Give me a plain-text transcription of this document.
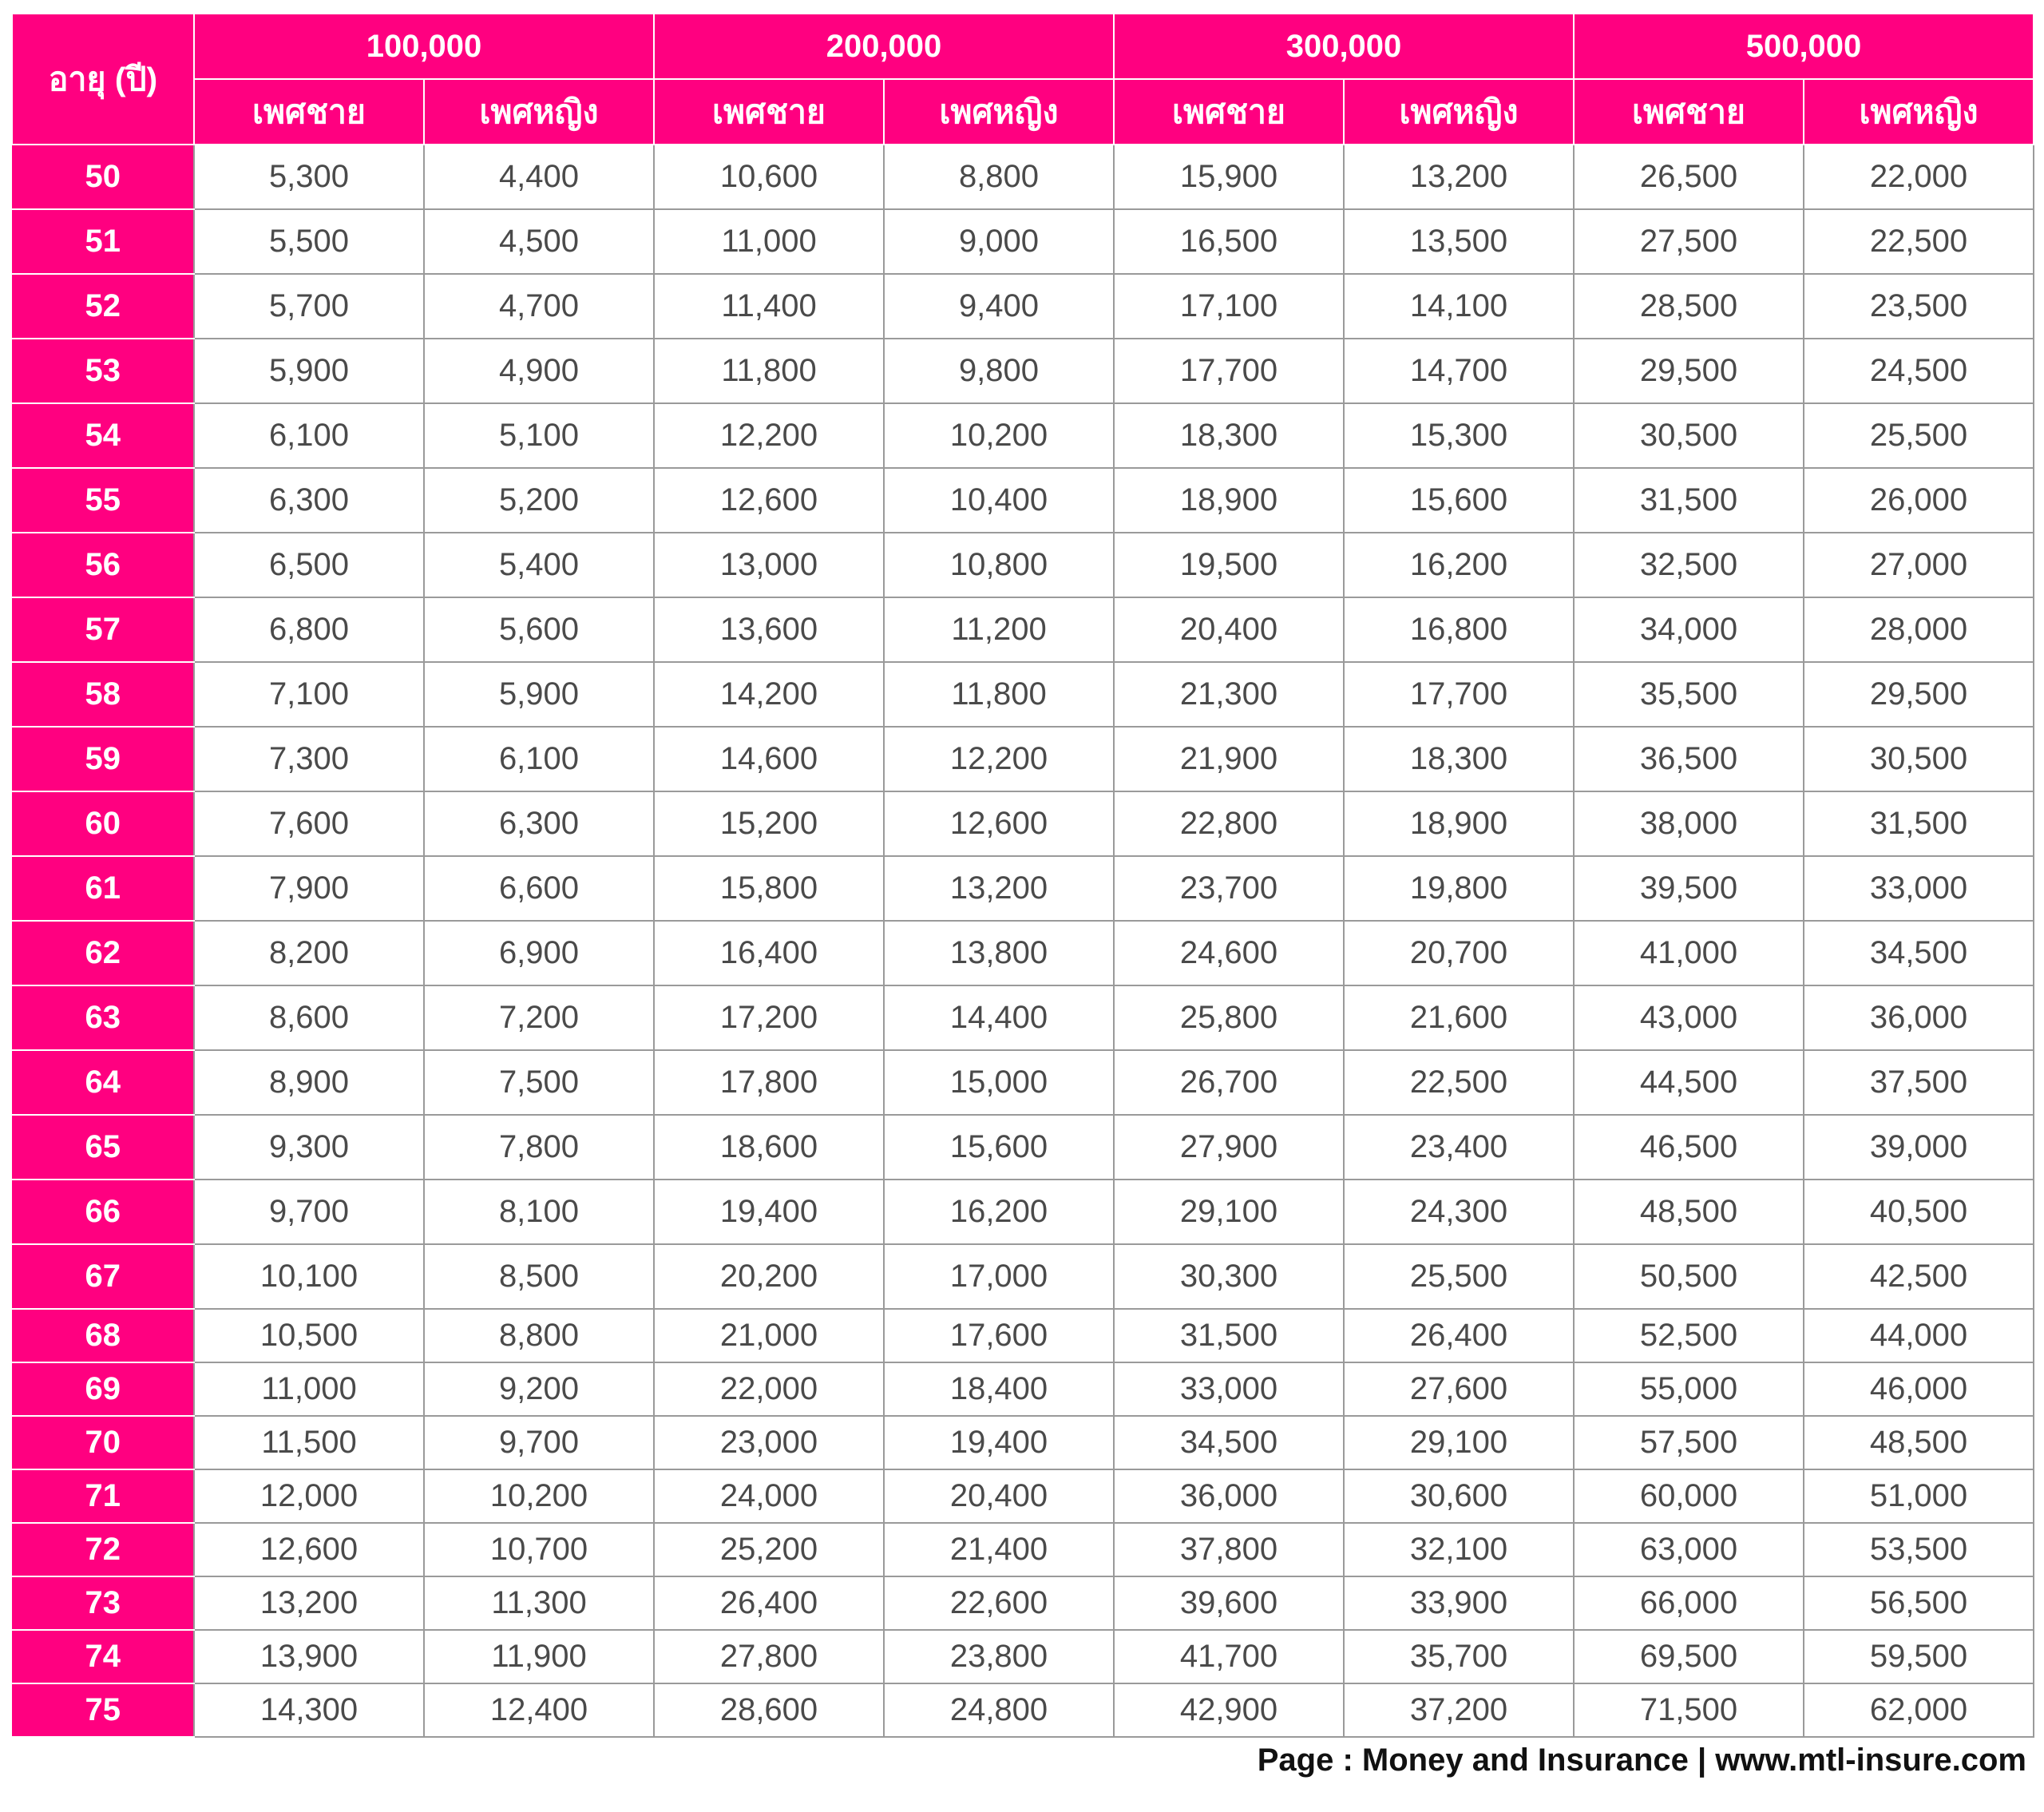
อายุ (ปี)	100,000		200,000		300,000		500,000	
	เพศชาย	เพศหญิง	เพศชาย	เพศหญิง	เพศชาย	เพศหญิง	เพศชาย	เพศหญิง
50	5,300	4,400	10,600	8,800	15,900	13,200	26,500	22,000
51	5,500	4,500	11,000	9,000	16,500	13,500	27,500	22,500
52	5,700	4,700	11,400	9,400	17,100	14,100	28,500	23,500
53	5,900	4,900	11,800	9,800	17,700	14,700	29,500	24,500
54	6,100	5,100	12,200	10,200	18,300	15,300	30,500	25,500
55	6,300	5,200	12,600	10,400	18,900	15,600	31,500	26,000
56	6,500	5,400	13,000	10,800	19,500	16,200	32,500	27,000
57	6,800	5,600	13,600	11,200	20,400	16,800	34,000	28,000
58	7,100	5,900	14,200	11,800	21,300	17,700	35,500	29,500
59	7,300	6,100	14,600	12,200	21,900	18,300	36,500	30,500
60	7,600	6,300	15,200	12,600	22,800	18,900	38,000	31,500
61	7,900	6,600	15,800	13,200	23,700	19,800	39,500	33,000
62	8,200	6,900	16,400	13,800	24,600	20,700	41,000	34,500
63	8,600	7,200	17,200	14,400	25,800	21,600	43,000	36,000
64	8,900	7,500	17,800	15,000	26,700	22,500	44,500	37,500
65	9,300	7,800	18,600	15,600	27,900	23,400	46,500	39,000
66	9,700	8,100	19,400	16,200	29,100	24,300	48,500	40,500
67	10,100	8,500	20,200	17,000	30,300	25,500	50,500	42,500
68	10,500	8,800	21,000	17,600	31,500	26,400	52,500	44,000
69	11,000	9,200	22,000	18,400	33,000	27,600	55,000	46,000
70	11,500	9,700	23,000	19,400	34,500	29,100	57,500	48,500
71	12,000	10,200	24,000	20,400	36,000	30,600	60,000	51,000
72	12,600	10,700	25,200	21,400	37,800	32,100	63,000	53,500
73	13,200	11,300	26,400	22,600	39,600	33,900	66,000	56,500
74	13,900	11,900	27,800	23,800	41,700	35,700	69,500	59,500
75	14,300	12,400	28,600	24,800	42,900	37,200	71,500	62,000
Page : Money and Insurance | www.mtl-insure.com
